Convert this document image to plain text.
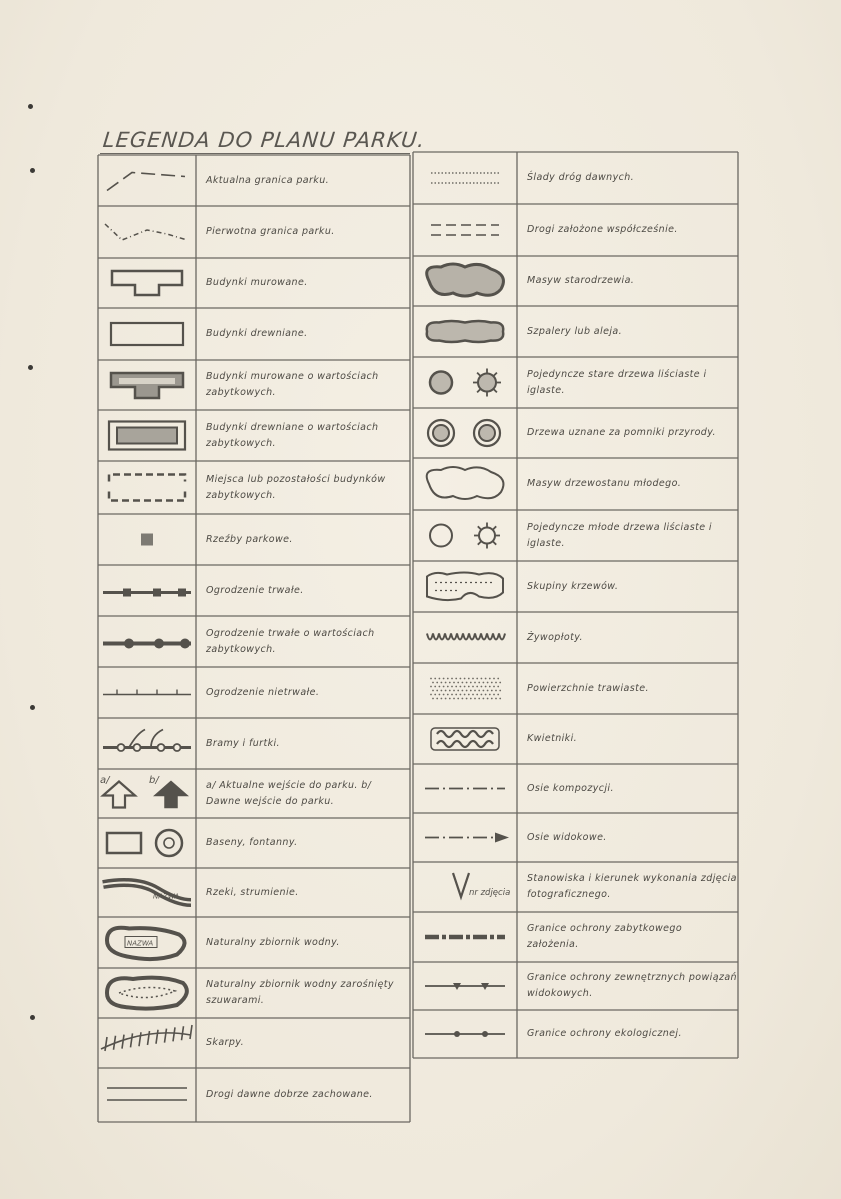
LEGENDA DO PLANU PARKU.
a/	b/
NAZWA
NAZWA
nr zdjęcia
Aktualna granica parku.
Pierwotna granica parku.
Budynki murowane.
Budynki drewniane.
Budynki murowane o wartościach zabytkowych.
Budynki drewniane o wartościach zabytkowych.
Miejsca lub pozostałości budynków zabytkowych.
Rzeźby parkowe.
Ogrodzenie trwałe.
Ogrodzenie trwałe o wartościach zabytkowych.
Ogrodzenie nietrwałe.
Bramy i furtki.
a/ Aktualne wejście do parku. b/ Dawne wejście do parku.
Baseny, fontanny.
Rzeki, strumienie.
Naturalny zbiornik wodny.
Naturalny zbiornik wodny zarośnięty szuwarami.
Skarpy.
Drogi dawne dobrze zachowane.
Ślady dróg dawnych.
Drogi założone współcześnie.
Masyw starodrzewia.
Szpalery lub aleja.
Pojedyncze stare drzewa liściaste i iglaste.
Drzewa uznane za pomniki przyrody.
Masyw drzewostanu młodego.
Pojedyncze młode drzewa liściaste i iglaste.
Skupiny krzewów.
Żywopłoty.
Powierzchnie trawiaste.
Kwietniki.
Osie kompozycji.
Osie widokowe.
Stanowiska i kierunek wykonania zdjęcia fotograficznego.
Granice ochrony zabytkowego założenia.
Granice ochrony zewnętrznych powiązań widokowych.
Granice ochrony ekologicznej.
